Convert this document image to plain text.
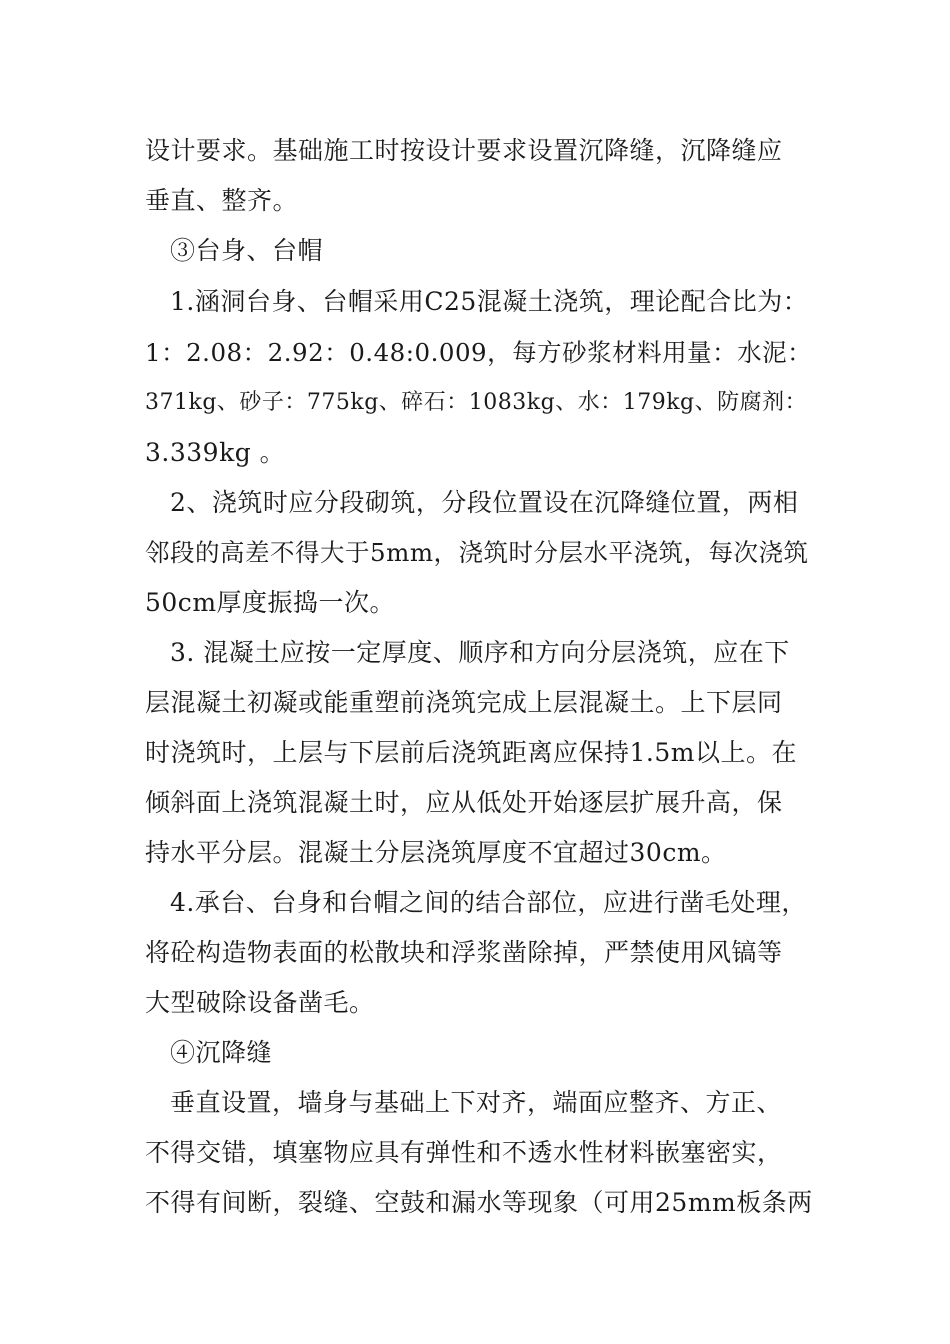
设计要求。基础施工时按设计要求设置沉降缝，沉降缝应
垂直、整齐。
③台身、台帽
1.涵洞台身、台帽采用C25混凝土浇筑，理论配合比为：
1：2.08：2.92：0.48:0.009，每方砂浆材料用量：水泥：
371kg、砂子：775kg、碎石：1083kg、水：179kg、防腐剂：
3.339kg 。
2、浇筑时应分段砌筑，分段位置设在沉降缝位置，两相
邻段的高差不得大于5mm，浇筑时分层水平浇筑，每次浇筑
50cm厚度振捣一次。
3. 混凝土应按一定厚度、顺序和方向分层浇筑，应在下
层混凝土初凝或能重塑前浇筑完成上层混凝土。上下层同
时浇筑时，上层与下层前后浇筑距离应保持1.5m以上。在
倾斜面上浇筑混凝土时，应从低处开始逐层扩展升高，保
持水平分层。混凝土分层浇筑厚度不宜超过30cm。
4.承台、台身和台帽之间的结合部位，应进行凿毛处理，
将砼构造物表面的松散块和浮浆凿除掉，严禁使用风镐等
大型破除设备凿毛。
④沉降缝
垂直设置，墙身与基础上下对齐，端面应整齐、方正、
不得交错，填塞物应具有弹性和不透水性材料嵌塞密实，
不得有间断，裂缝、空鼓和漏水等现象（可用25mm板条两
